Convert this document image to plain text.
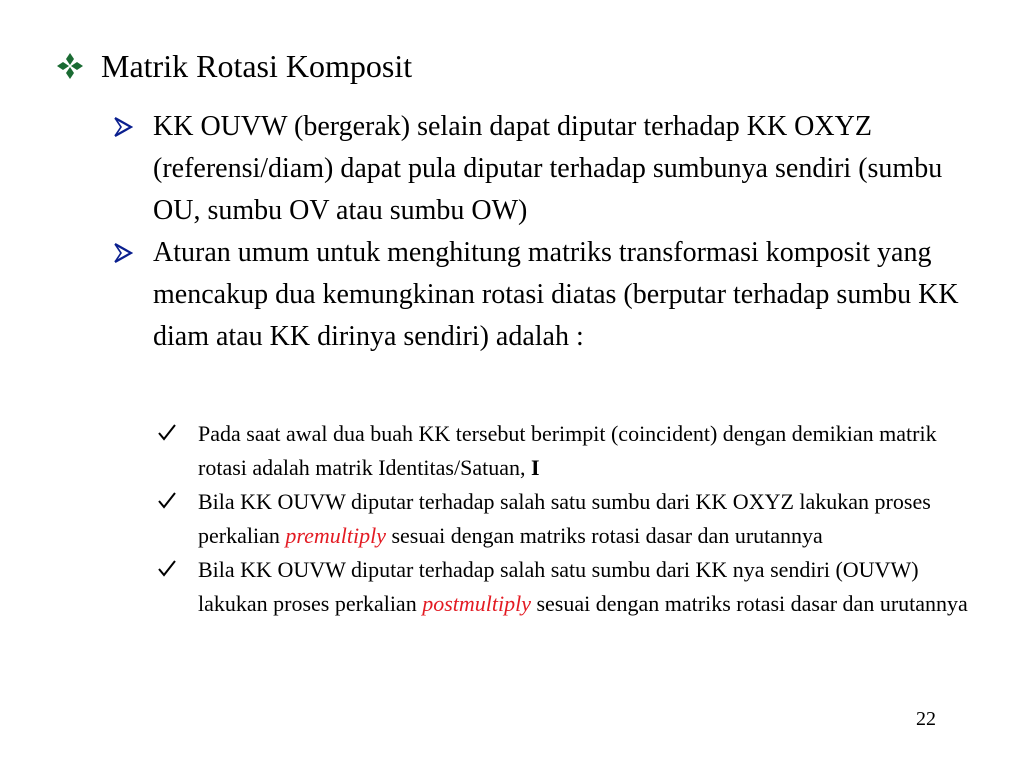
Matrik Rotasi Komposit
KK OUVW (bergerak) selain dapat diputar terhadap KK OXYZ (referensi/diam) dapat pula diputar terhadap sumbunya sendiri (sumbu OU, sumbu OV atau sumbu OW)
Aturan umum untuk menghitung matriks transformasi komposit yang mencakup dua kemungkinan rotasi diatas (berputar terhadap sumbu KK diam atau KK dirinya sendiri) adalah :
Pada saat awal dua buah KK tersebut berimpit (coincident) dengan demikian matrik rotasi adalah matrik Identitas/Satuan, I
Bila KK OUVW diputar terhadap salah satu sumbu dari KK OXYZ lakukan proses perkalian premultiply sesuai dengan matriks rotasi dasar dan urutannya
Bila KK OUVW diputar terhadap salah satu sumbu dari KK nya sendiri (OUVW) lakukan proses perkalian postmultiply sesuai dengan matriks rotasi dasar dan urutannya
22
